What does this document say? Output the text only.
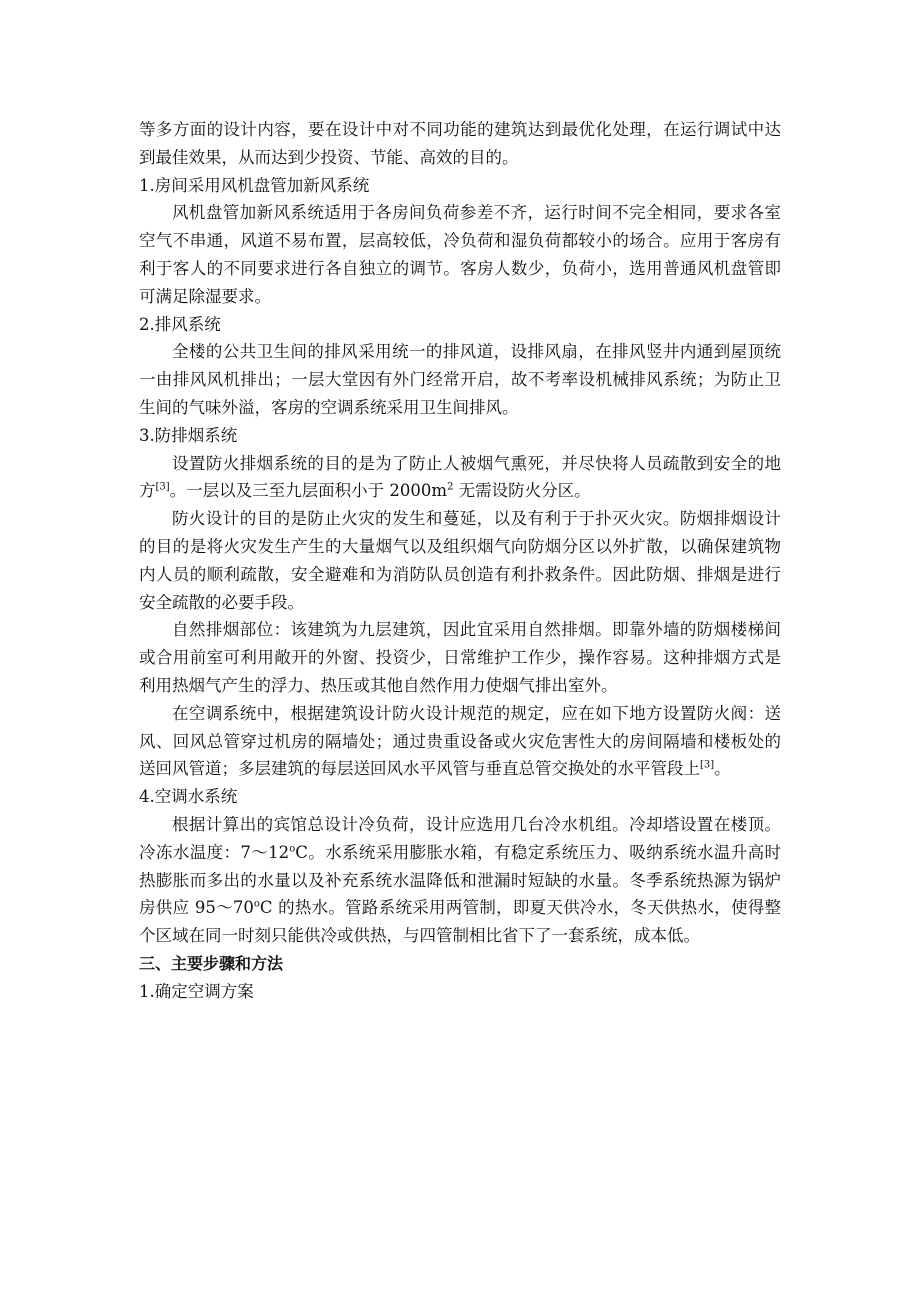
等多方面的设计内容，要在设计中对不同功能的建筑达到最优化处理，在运行调试中达到最佳效果，从而达到少投资、节能、高效的目的。

1.房间采用风机盘管加新风系统

风机盘管加新风系统适用于各房间负荷参差不齐，运行时间不完全相同，要求各室空气不串通，风道不易布置，层高较低，冷负荷和湿负荷都较小的场合。应用于客房有利于客人的不同要求进行各自独立的调节。客房人数少，负荷小，选用普通风机盘管即可满足除湿要求。

2.排风系统

全楼的公共卫生间的排风采用统一的排风道，设排风扇，在排风竖井内通到屋顶统一由排风风机排出；一层大堂因有外门经常开启，故不考率设机械排风系统；为防止卫生间的气味外溢，客房的空调系统采用卫生间排风。

3.防排烟系统

设置防火排烟系统的目的是为了防止人被烟气熏死，并尽快将人员疏散到安全的地方[3]。一层以及三至九层面积小于 $2000m^2$ 无需设防火分区。

防火设计的目的是防止火灾的发生和蔓延，以及有利于于扑灭火灾。防烟排烟设计的目的是将火灾发生产生的大量烟气以及组织烟气向防烟分区以外扩散，以确保建筑物内人员的顺利疏散，安全避难和为消防队员创造有利扑救条件。因此防烟、排烟是进行安全疏散的必要手段。

自然排烟部位：该建筑为九层建筑，因此宜采用自然排烟。即靠外墙的防烟楼梯间或合用前室可利用敞开的外窗、投资少，日常维护工作少，操作容易。这种排烟方式是利用热烟气产生的浮力、热压或其他自然作用力使烟气排出室外。

在空调系统中，根据建筑设计防火设计规范的规定，应在如下地方设置防火阀：送风、回风总管穿过机房的隔墙处；通过贵重设备或火灾危害性大的房间隔墙和楼板处的送回风管道；多层建筑的每层送回风水平风管与垂直总管交换处的水平管段上[3]。

4.空调水系统

根据计算出的宾馆总设计冷负荷，设计应选用几台冷水机组。冷却塔设置在楼顶。冷冻水温度：7～12$^o$C。水系统采用膨胀水箱，有稳定系统压力、吸纳系统水温升高时热膨胀而多出的水量以及补充系统水温降低和泄漏时短缺的水量。冬季系统热源为锅炉房供应 95～70$^o$C 的热水。管路系统采用两管制，即夏天供冷水，冬天供热水，使得整个区域在同一时刻只能供冷或供热，与四管制相比省下了一套系统，成本低。

三、主要步骤和方法

1.确定空调方案
